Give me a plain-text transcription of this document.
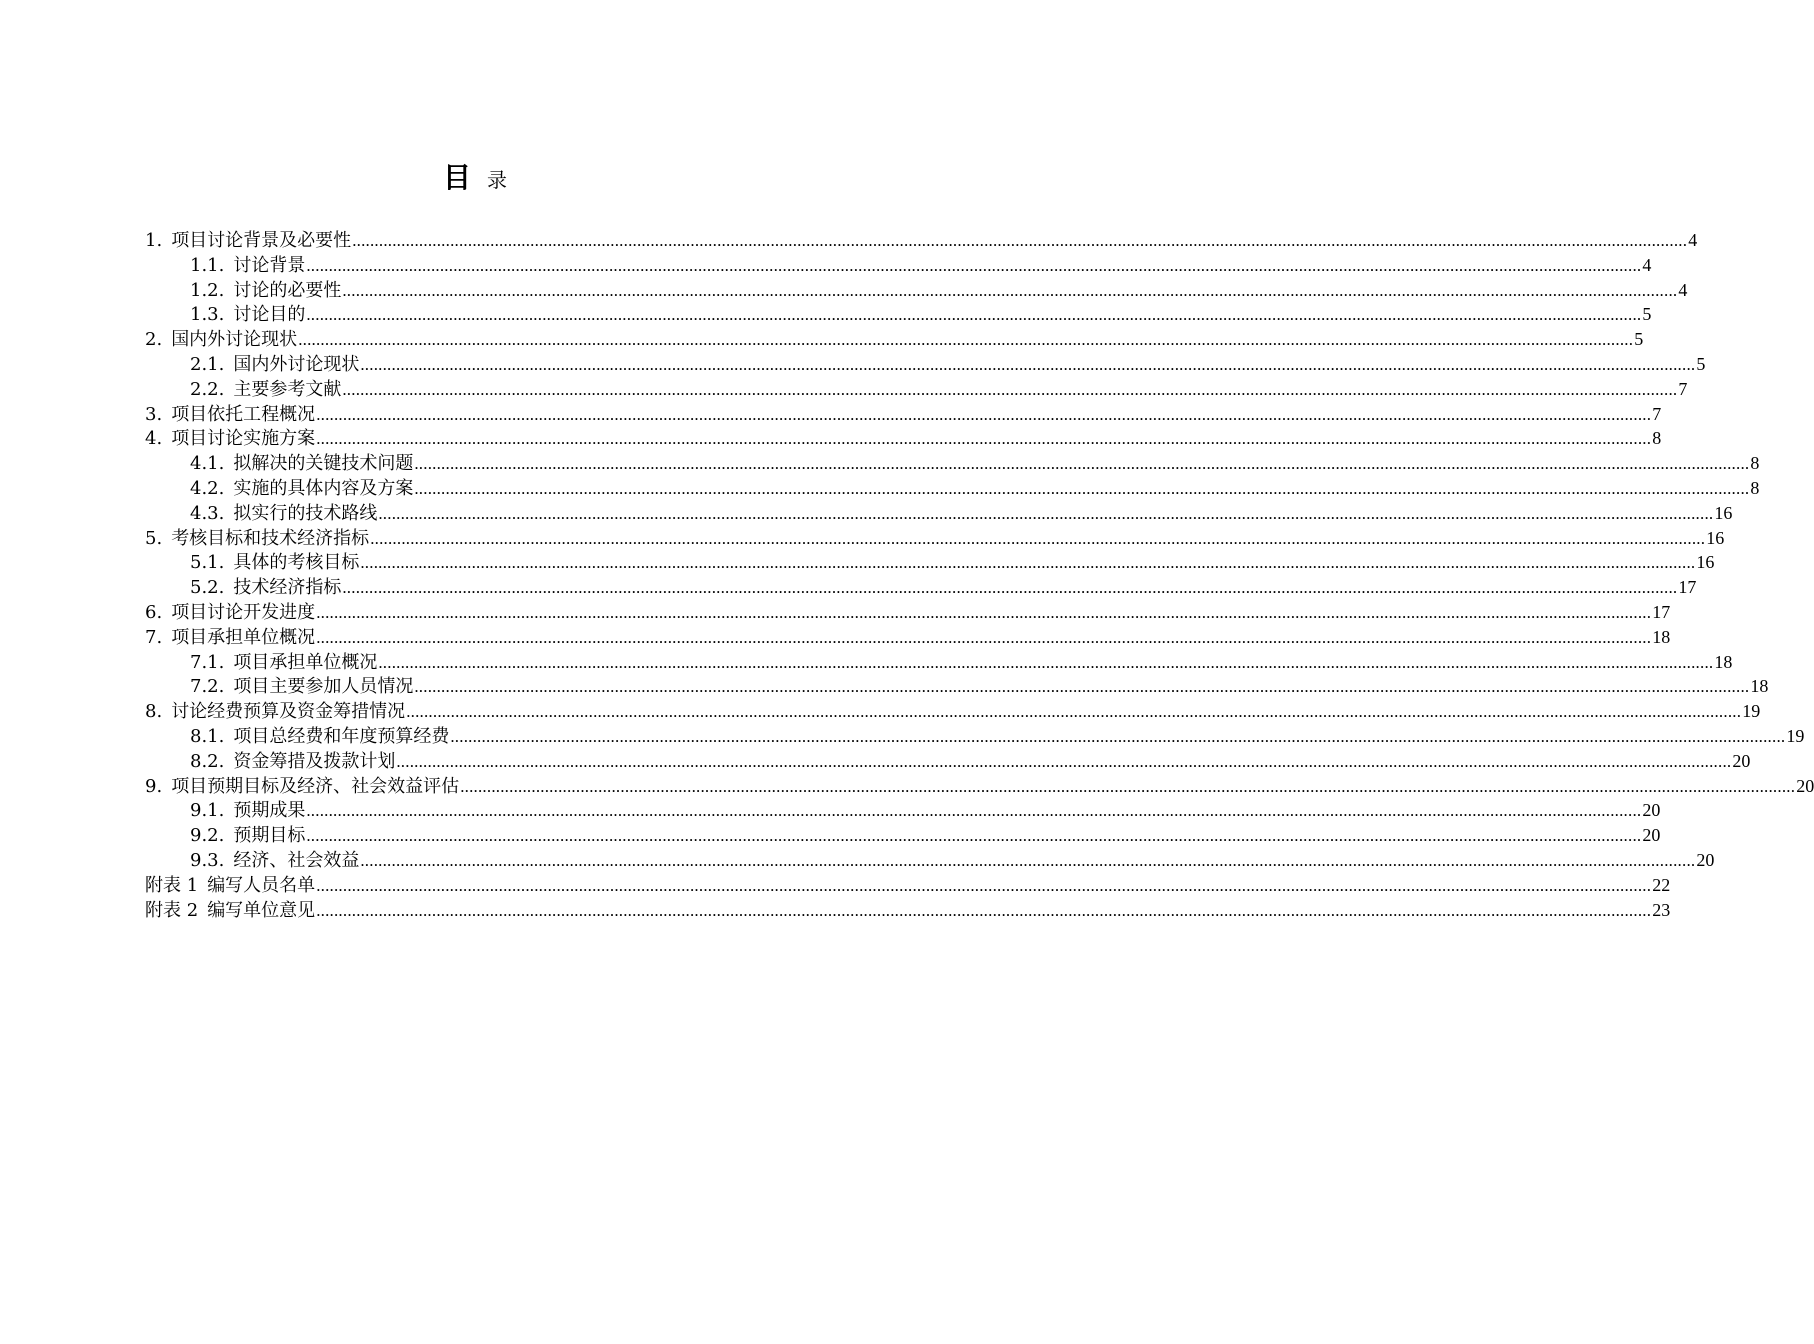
目 录
1. 项目讨论背景及必要性 ............................................................................................................................................................................................................................................................................................................ 4
1.1. 讨论背景 ............................................................................................................................................................................................................................................................................................................ 4
1.2. 讨论的必要性 ............................................................................................................................................................................................................................................................................................................ 4
1.3. 讨论目的 ............................................................................................................................................................................................................................................................................................................ 5
2. 国内外讨论现状 ............................................................................................................................................................................................................................................................................................................ 5
2.1. 国内外讨论现状 ............................................................................................................................................................................................................................................................................................................ 5
2.2. 主要参考文献 ............................................................................................................................................................................................................................................................................................................ 7
3. 项目依托工程概况 ............................................................................................................................................................................................................................................................................................................ 7
4. 项目讨论实施方案 ............................................................................................................................................................................................................................................................................................................ 8
4.1. 拟解决的关键技术问题 ............................................................................................................................................................................................................................................................................................................ 8
4.2. 实施的具体内容及方案 ............................................................................................................................................................................................................................................................................................................ 8
4.3. 拟实行的技术路线 ............................................................................................................................................................................................................................................................................................................ 16
5. 考核目标和技术经济指标 ............................................................................................................................................................................................................................................................................................................ 16
5.1. 具体的考核目标 ............................................................................................................................................................................................................................................................................................................ 16
5.2. 技术经济指标 ............................................................................................................................................................................................................................................................................................................ 17
6. 项目讨论开发进度 ............................................................................................................................................................................................................................................................................................................ 17
7. 项目承担单位概况 ............................................................................................................................................................................................................................................................................................................ 18
7.1. 项目承担单位概况 ............................................................................................................................................................................................................................................................................................................ 18
7.2. 项目主要参加人员情况 ............................................................................................................................................................................................................................................................................................................ 18
8. 讨论经费预算及资金筹措情况 ............................................................................................................................................................................................................................................................................................................ 19
8.1. 项目总经费和年度预算经费 ............................................................................................................................................................................................................................................................................................................ 19
8.2. 资金筹措及拨款计划 ............................................................................................................................................................................................................................................................................................................ 20
9. 项目预期目标及经济、社会效益评估 ............................................................................................................................................................................................................................................................................................................ 20
9.1. 预期成果 ............................................................................................................................................................................................................................................................................................................ 20
9.2. 预期目标 ............................................................................................................................................................................................................................................................................................................ 20
9.3. 经济、社会效益 ............................................................................................................................................................................................................................................................................................................ 20
附表 1 编写人员名单 ............................................................................................................................................................................................................................................................................................................ 22
附表 2 编写单位意见 ............................................................................................................................................................................................................................................................................................................ 23
